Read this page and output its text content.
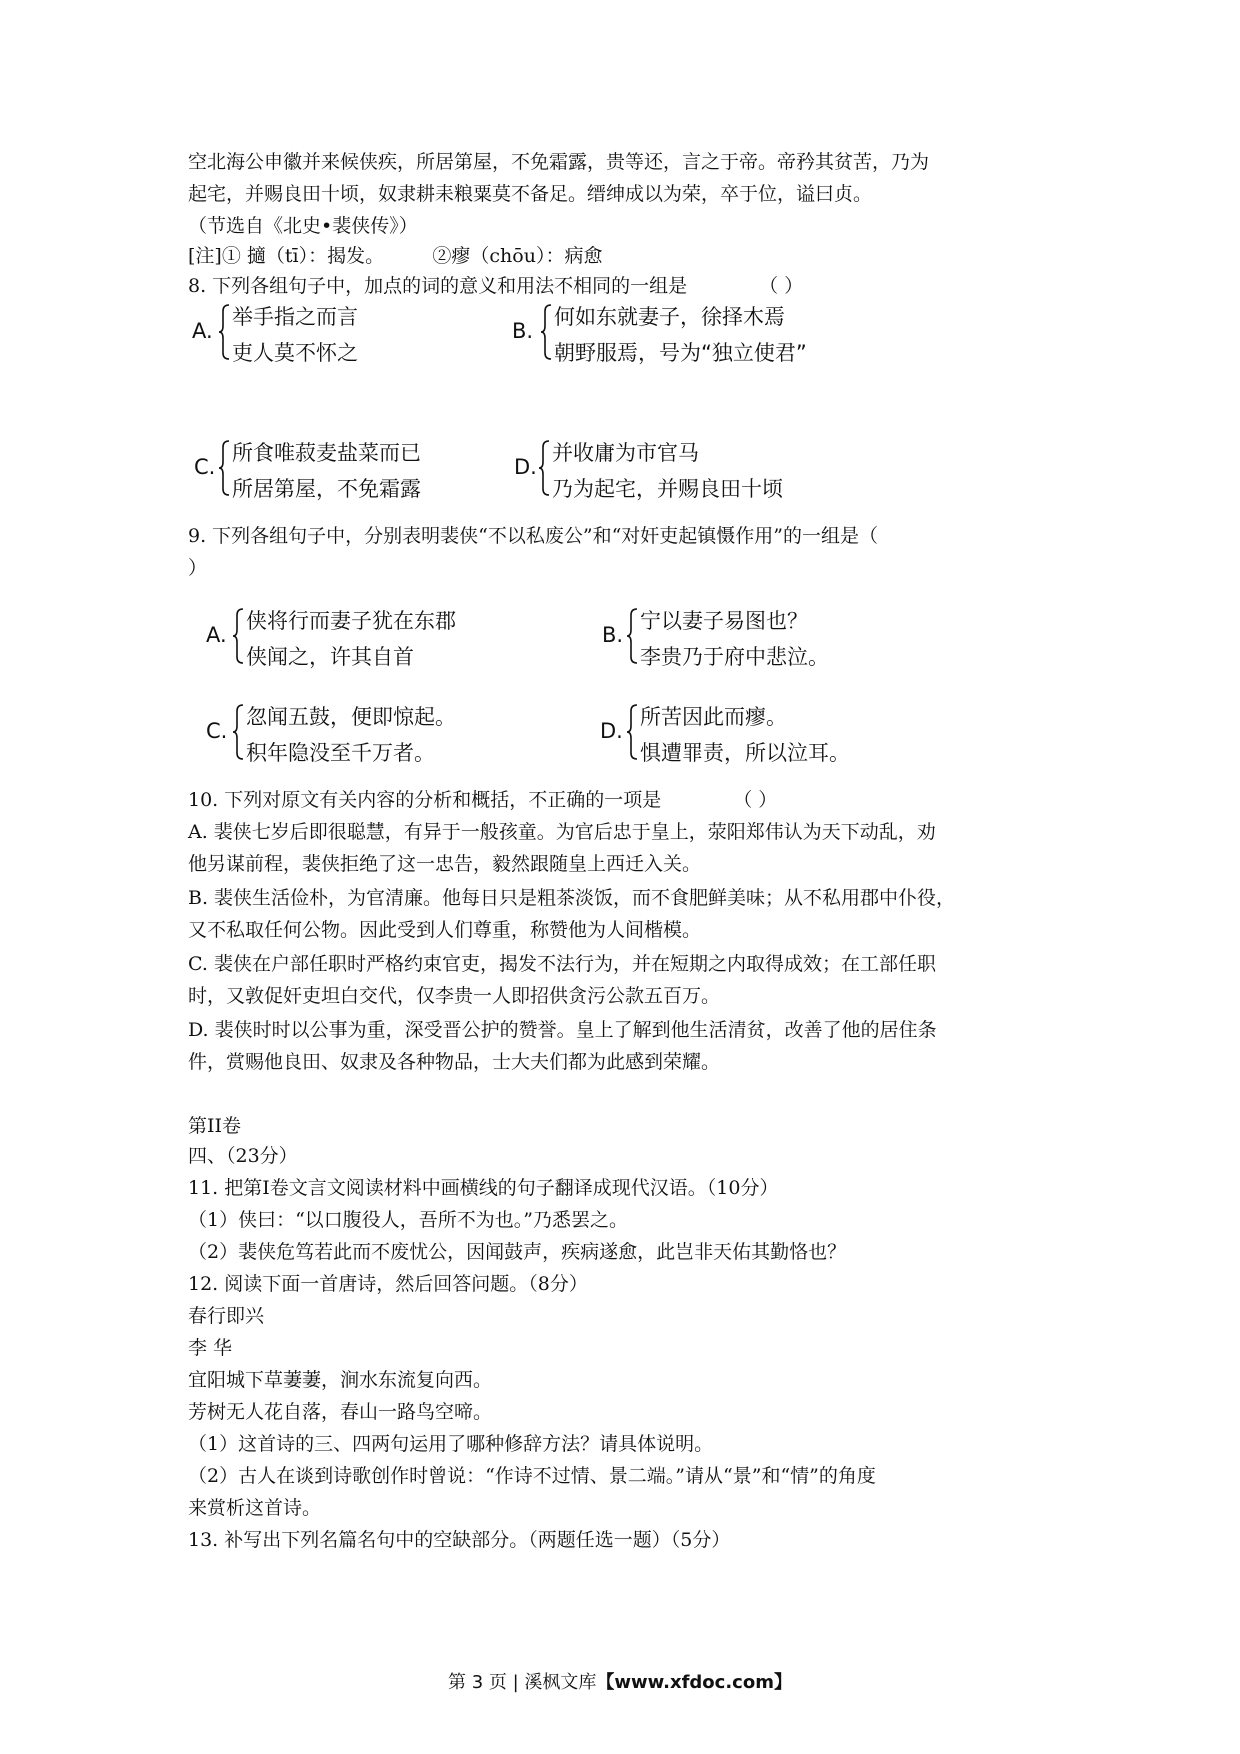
空北海公申徽并来候侠疾，所居第屋，不免霜露，贵等还，言之于帝。帝矜其贫苦，乃为
起宅，并赐良田十顷，奴隶耕耒粮粟莫不备足。缙绅成以为荣，卒于位，谥曰贞。
（节选自《北史•裴侠传》）
[注]① 擿（tī）：揭发。        ②瘳（chōu）：病愈
8. 下列各组句子中，加点的词的意义和用法不相同的一组是	（ ）
A.
举手指之而言
吏人莫不怀之
B.
何如东就妻子，徐择木焉
朝野服焉，号为“独立使君”
C.
所食唯菽麦盐菜而已
所居第屋，不免霜露
D.
并收庸为市官马
乃为起宅，并赐良田十顷
9. 下列各组句子中，分别表明裴侠“不以私废公”和“对奸吏起镇慑作用”的一组是（
）
A.
侠将行而妻子犹在东郡
侠闻之，许其自首
B.
宁以妻子易图也？
李贵乃于府中悲泣。
C.
忽闻五鼓，便即惊起。
积年隐没至千万者。
D.
所苦因此而瘳。
惧遭罪责，所以泣耳。
10. 下列对原文有关内容的分析和概括，不正确的一项是	（ ）
A. 裴侠七岁后即很聪慧，有异于一般孩童。为官后忠于皇上，荥阳郑伟认为天下动乱，劝
他另谋前程，裴侠拒绝了这一忠告，毅然跟随皇上西迁入关。
B. 裴侠生活俭朴，为官清廉。他每日只是粗茶淡饭，而不食肥鲜美味；从不私用郡中仆役，
又不私取任何公物。因此受到人们尊重，称赞他为人间楷模。
C. 裴侠在户部任职时严格约束官吏，揭发不法行为，并在短期之内取得成效；在工部任职
时，又敦促奸吏坦白交代，仅李贵一人即招供贪污公款五百万。
D. 裴侠时时以公事为重，深受晋公护的赞誉。皇上了解到他生活清贫，改善了他的居住条
件，赏赐他良田、奴隶及各种物品，士大夫们都为此感到荣耀。
第II卷
四、（23分）
11. 把第I卷文言文阅读材料中画横线的句子翻译成现代汉语。（10分）
（1）侠曰：“以口腹役人，吾所不为也。”乃悉罢之。
（2）裴侠危笃若此而不废忧公，因闻鼓声，疾病遂愈，此岂非天佑其勤恪也？
12. 阅读下面一首唐诗，然后回答问题。（8分）
春行即兴
李 华
宜阳城下草萋萋，涧水东流复向西。
芳树无人花自落，春山一路鸟空啼。
（1）这首诗的三、四两句运用了哪种修辞方法？请具体说明。
（2）古人在谈到诗歌创作时曾说：“作诗不过情、景二端。”请从“景”和“情”的角度
来赏析这首诗。
13. 补写出下列名篇名句中的空缺部分。（两题任选一题）（5分）
第 3 页 | 溪枫文库【www.xfdoc.com】
